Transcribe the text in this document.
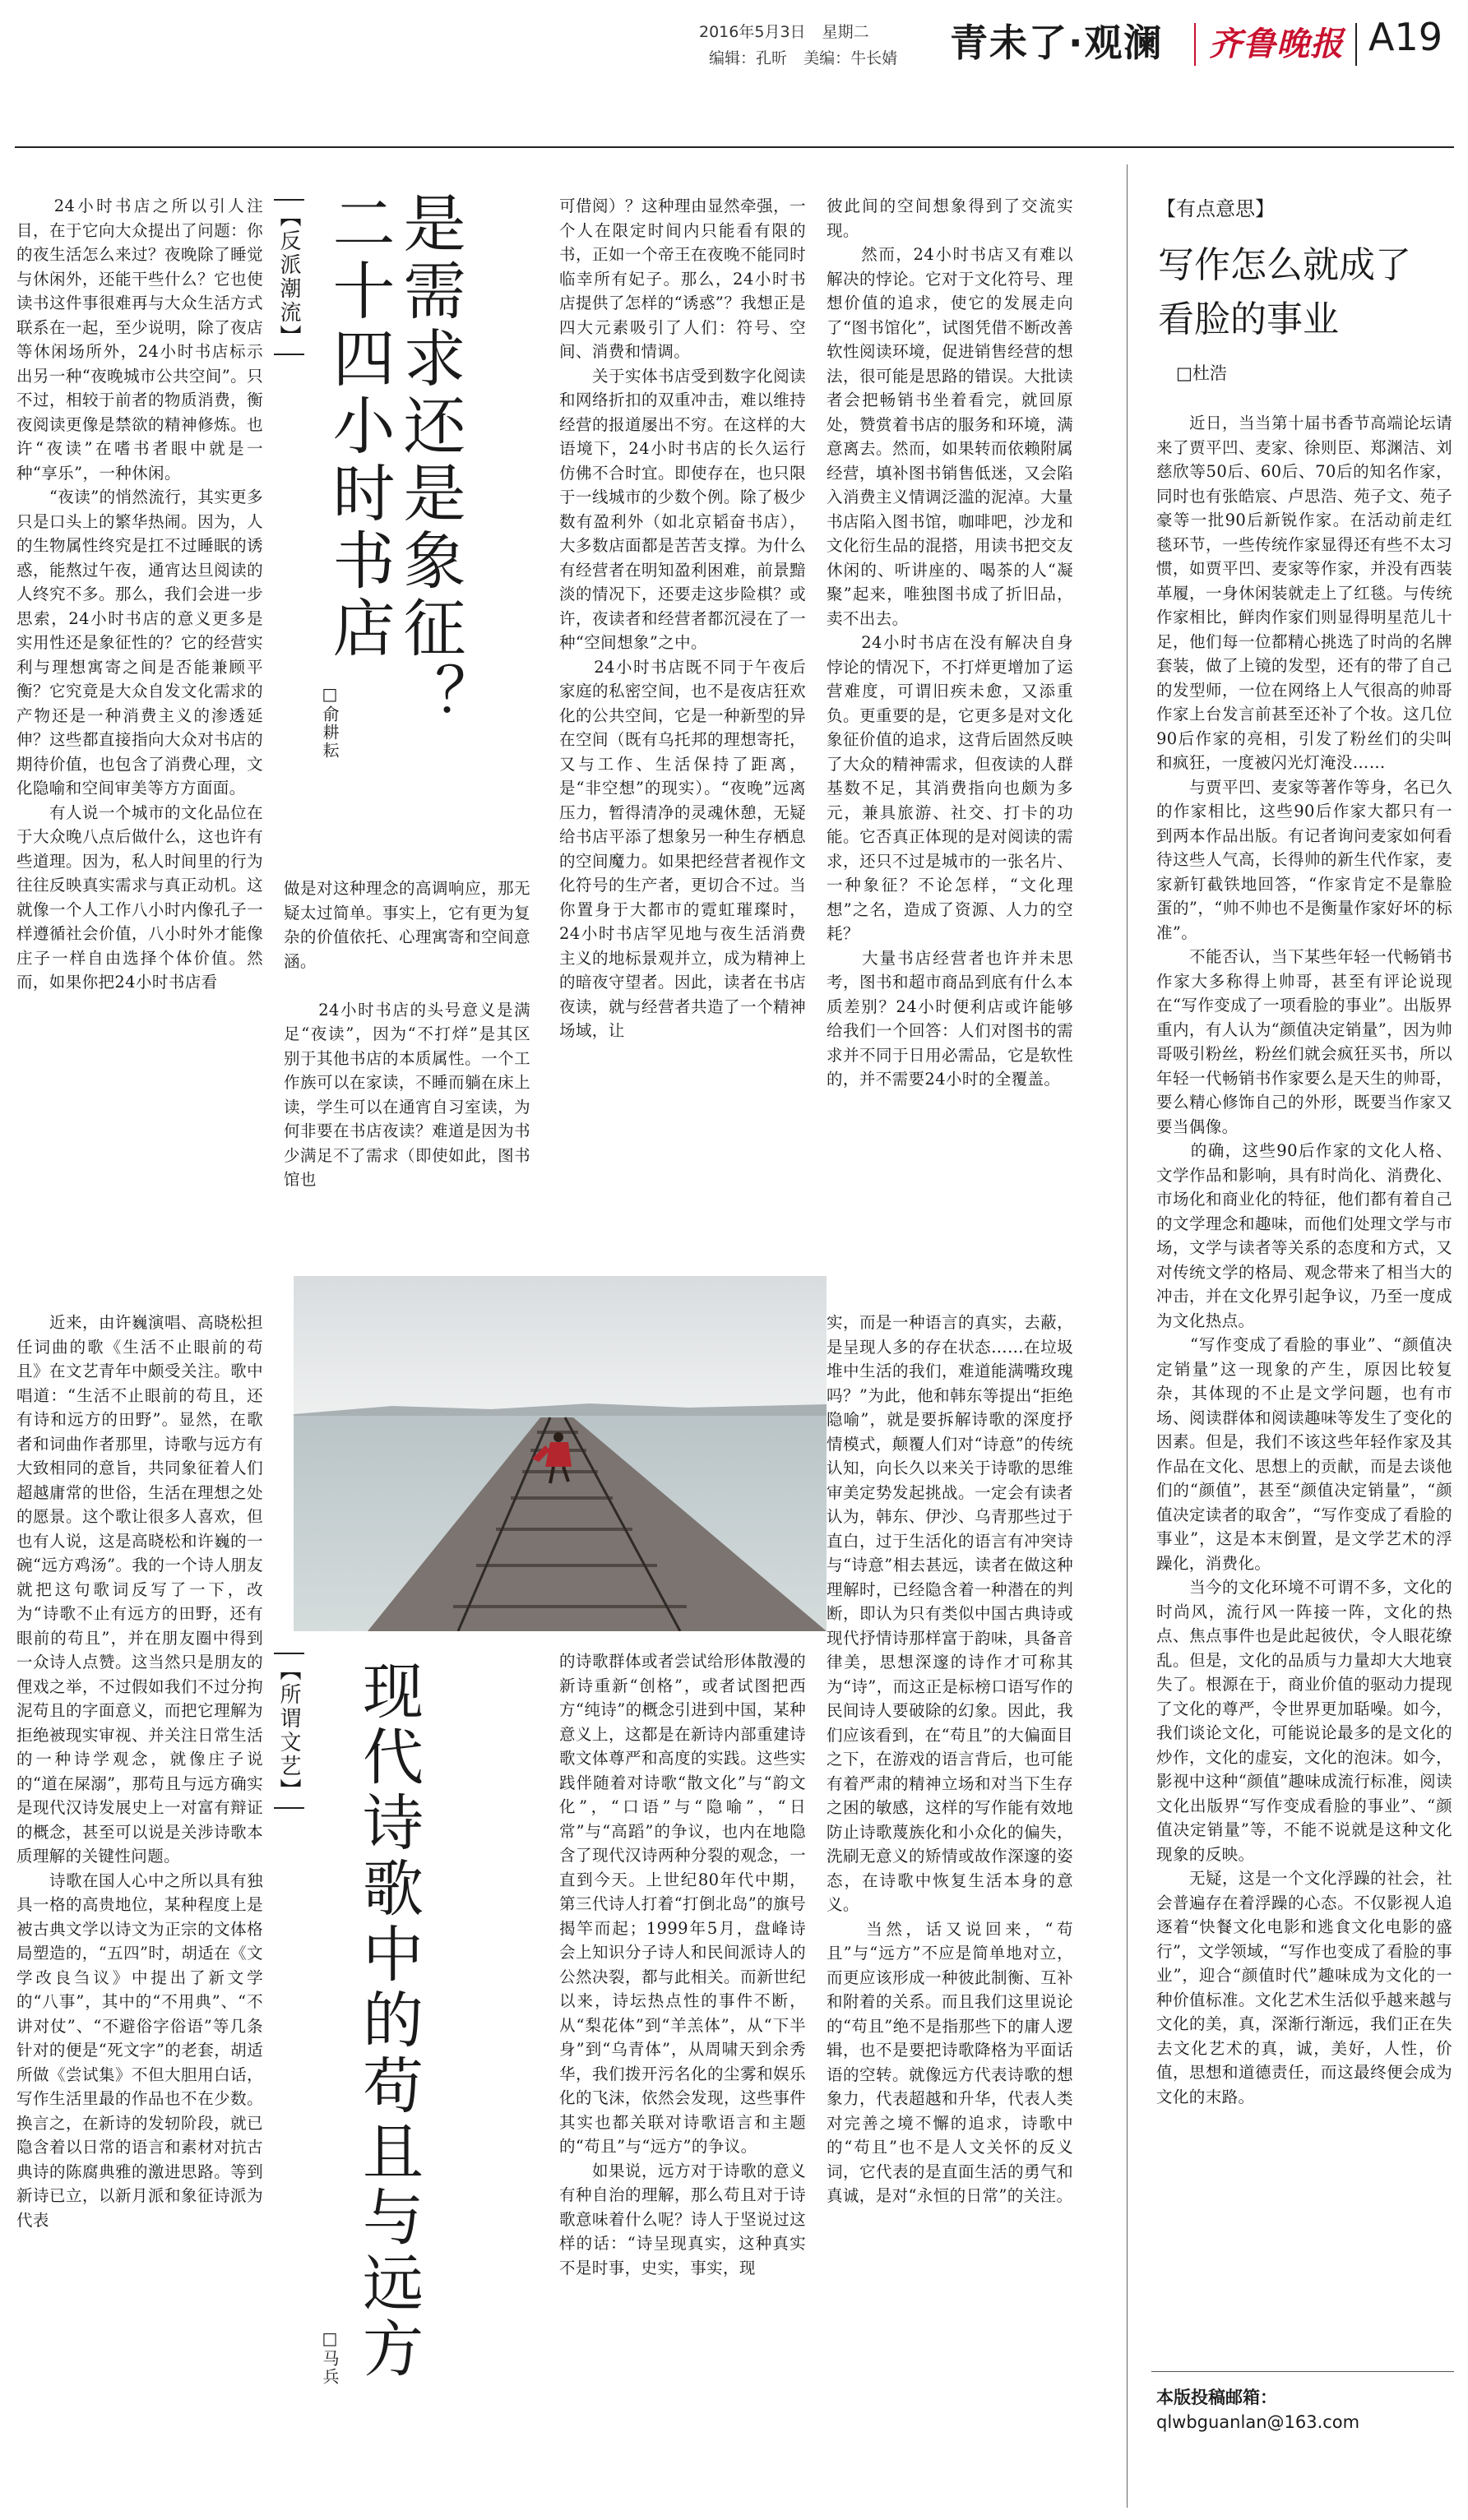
2016年5月3日 星期二
编辑：孔昕 美编：牛长婧 青未了·观澜 齐鲁晚报 A19
【反派潮流】 是需求还是象征？
二十四小时书店
□俞耕耘
　　24小时书店之所以引人注目，在于它向大众提出了问题：你的夜生活怎么来过？夜晚除了睡觉与休闲外，还能干些什么？它也使读书这件事很难再与大众生活方式联系在一起，至少说明，除了夜店等休闲场所外，24小时书店标示出另一种“夜晚城市公共空间”。只不过，相较于前者的物质消费，衡夜阅读更像是禁欲的精神修炼。也许“夜读”在嗜书者眼中就是一种“享乐”，一种休闲。
　　“夜读”的悄然流行，其实更多只是口头上的繁华热闹。因为，人的生物属性终究是扛不过睡眠的诱惑，能熬过午夜，通宵达旦阅读的人终究不多。那么，我们会进一步思索，24小时书店的意义更多是实用性还是象征性的？它的经营实利与理想寓寄之间是否能兼顾平衡？它究竟是大众自发文化需求的产物还是一种消费主义的渗透延伸？这些都直接指向大众对书店的期待价值，也包含了消费心理，文化隐喻和空间审美等方方面面。
　　有人说一个城市的文化品位在于大众晚八点后做什么，这也许有些道理。因为，私人时间里的行为往往反映真实需求与真正动机。这就像一个人工作八小时内像孔子一样遵循社会价值，八小时外才能像庄子一样自由选择个体价值。然而，如果你把24小时书店看
做是对这种理念的高调响应，那无疑太过简单。事实上，它有更为复杂的价值依托、心理寓寄和空间意涵。

　　24小时书店的头号意义是满足“夜读”，因为“不打烊”是其区别于其他书店的本质属性。一个工作族可以在家读，不睡而躺在床上读，学生可以在通宵自习室读，为何非要在书店夜读？难道是因为书少满足不了需求（即使如此，图书馆也
可借阅）？这种理由显然牵强，一个人在限定时间内只能看有限的书，正如一个帝王在夜晚不能同时临幸所有妃子。那么，24小时书店提供了怎样的“诱惑”？我想正是四大元素吸引了人们：符号、空间、消费和情调。
　　关于实体书店受到数字化阅读和网络折扣的双重冲击，难以维持经营的报道屡出不穷。在这样的大语境下，24小时书店的长久运行仿佛不合时宜。即使存在，也只限于一线城市的少数个例。除了极少数有盈利外（如北京韬奋书店），大多数店面都是苦苦支撑。为什么有经营者在明知盈利困难，前景黯淡的情况下，还要走这步险棋？或许，夜读者和经营者都沉浸在了一种“空间想象”之中。
　　24小时书店既不同于午夜后家庭的私密空间，也不是夜店狂欢化的公共空间，它是一种新型的异在空间（既有乌托邦的理想寄托，又与工作、生活保持了距离，是“非空想”的现实）。“夜晚”远离压力，暂得清净的灵魂休憩，无疑给书店平添了想象另一种生存栖息的空间魔力。如果把经营者视作文化符号的生产者，更切合不过。当你置身于大都市的霓虹璀璨时，24小时书店罕见地与夜生活消费主义的地标景观并立，成为精神上的暗夜守望者。因此，读者在书店夜读，就与经营者共造了一个精神场域，让
彼此间的空间想象得到了交流实现。
　　然而，24小时书店又有难以解决的悖论。它对于文化符号、理想价值的追求，使它的发展走向了“图书馆化”，试图凭借不断改善软性阅读环境，促进销售经营的想法，很可能是思路的错误。大批读者会把畅销书坐着看完，就回原处，赞赏着书店的服务和环境，满意离去。然而，如果转而依赖附属经营，填补图书销售低迷，又会陷入消费主义情调泛滥的泥淖。大量书店陷入图书馆，咖啡吧，沙龙和文化衍生品的混搭，用读书把交友休闲的、听讲座的、喝茶的人“凝聚”起来，唯独图书成了折旧品，卖不出去。
　　24小时书店在没有解决自身悖论的情况下，不打烊更增加了运营难度，可谓旧疾未愈，又添重负。更重要的是，它更多是对文化象征价值的追求，这背后固然反映了大众的精神需求，但夜读的人群基数不足，其消费指向也颇为多元，兼具旅游、社交、打卡的功能。它否真正体现的是对阅读的需求，还只不过是城市的一张名片、一种象征？不论怎样，“文化理想”之名，造成了资源、人力的空耗？
　　大量书店经营者也许并未思考，图书和超市商品到底有什么本质差别？24小时便利店或许能够给我们一个回答：人们对图书的需求并不同于日用必需品，它是软性的，并不需要24小时的全覆盖。
【有点意思】
写作怎么就成了
看脸的事业
□杜浩
　　近日，当当第十届书香节高端论坛请来了贾平凹、麦家、徐则臣、郑渊洁、刘慈欣等50后、60后、70后的知名作家，同时也有张皓宸、卢思浩、苑子文、苑子豪等一批90后新锐作家。在活动前走红毯环节，一些传统作家显得还有些不太习惯，如贾平凹、麦家等作家，并没有西装革履，一身休闲装就走上了红毯。与传统作家相比，鲜肉作家们则显得明星范儿十足，他们每一位都精心挑选了时尚的名牌套装，做了上镜的发型，还有的带了自己的发型师，一位在网络上人气很高的帅哥作家上台发言前甚至还补了个妆。这几位90后作家的亮相，引发了粉丝们的尖叫和疯狂，一度被闪光灯淹没……
　　与贾平凹、麦家等著作等身，名已久的作家相比，这些90后作家大都只有一到两本作品出版。有记者询问麦家如何看待这些人气高，长得帅的新生代作家，麦家新钉截铁地回答，“作家肯定不是靠脸蛋的”，“帅不帅也不是衡量作家好坏的标准”。
　　不能否认，当下某些年轻一代畅销书作家大多称得上帅哥，甚至有评论说现在“写作变成了一项看脸的事业”。出版界重内，有人认为“颜值决定销量”，因为帅哥吸引粉丝，粉丝们就会疯狂买书，所以年轻一代畅销书作家要么是天生的帅哥，要么精心修饰自己的外形，既要当作家又要当偶像。
　　的确，这些90后作家的文化人格、文学作品和影响，具有时尚化、消费化、市场化和商业化的特征，他们都有着自己的文学理念和趣味，而他们处理文学与市场，文学与读者等关系的态度和方式，又对传统文学的格局、观念带来了相当大的冲击，并在文化界引起争议，乃至一度成为文化热点。
　　“写作变成了看脸的事业”、“颜值决定销量”这一现象的产生，原因比较复杂，其体现的不止是文学问题，也有市场、阅读群体和阅读趣味等发生了变化的因素。但是，我们不该这些年轻作家及其作品在文化、思想上的贡献，而是去谈他们的“颜值”，甚至“颜值决定销量”，“颜值决定读者的取舍”，“写作变成了看脸的事业”，这是本末倒置，是文学艺术的浮躁化，消费化。
　　当今的文化环境不可谓不多，文化的时尚风，流行风一阵接一阵，文化的热点、焦点事件也是此起彼伏，令人眼花缭乱。但是，文化的品质与力量却大大地衰失了。根源在于，商业价值的驱动力提现了文化的尊严，令世界更加聒噪。如今，我们谈论文化，可能说论最多的是文化的炒作，文化的虚妄，文化的泡沫。如今，影视中这种“颜值”趣味成流行标准，阅读文化出版界“写作变成看脸的事业”、“颜值决定销量”等，不能不说就是这种文化现象的反映。
　　无疑，这是一个文化浮躁的社会，社会普遍存在着浮躁的心态。不仅影视人追逐着“快餐文化电影和逃食文化电影的盛行”，文学领域，“写作也变成了看脸的事业”，迎合“颜值时代”趣味成为文化的一种价值标准。文化艺术生活似乎越来越与文化的美，真，深渐行渐远，我们正在失去文化艺术的真，诚，美好，人性，价值，思想和道德责任，而这最终便会成为文化的末路。
本版投稿邮箱：
qlwbguanlan@163.com
【所谓文艺】 现代诗歌中的苟且与远方
□马兵
　　近来，由许巍演唱、高晓松担任词曲的歌《生活不止眼前的苟且》在文艺青年中颇受关注。歌中唱道：“生活不止眼前的苟且，还有诗和远方的田野”。显然，在歌者和词曲作者那里，诗歌与远方有大致相同的意旨，共同象征着人们超越庸常的世俗，生活在理想之处的愿景。这个歌让很多人喜欢，但也有人说，这是高晓松和许巍的一碗“远方鸡汤”。我的一个诗人朋友就把这句歌词反写了一下，改为“诗歌不止有远方的田野，还有眼前的苟且”，并在朋友圈中得到一众诗人点赞。这当然只是朋友的俚戏之举，不过假如我们不过分拘泥苟且的字面意义，而把它理解为拒绝被现实审视、并关注日常生活的一种诗学观念，就像庄子说的“道在屎溺”，那苟且与远方确实是现代汉诗发展史上一对富有辩证的概念，甚至可以说是关涉诗歌本质理解的关键性问题。
　　诗歌在国人心中之所以具有独具一格的高贵地位，某种程度上是被古典文学以诗文为正宗的文体格局塑造的，“五四”时，胡适在《文学改良刍议》中提出了新文学的“八事”，其中的“不用典”、“不讲对仗”、“不避俗字俗语”等几条针对的便是“死文字”的老套，胡适所做《尝试集》不但大胆用白话，写作生活里最的作品也不在少数。换言之，在新诗的发轫阶段，就已隐含着以日常的语言和素材对抗古典诗的陈腐典雅的激进思路。等到新诗已立，以新月派和象征诗派为代表
的诗歌群体或者尝试给形体散漫的新诗重新“创格”，或者试图把西方“纯诗”的概念引进到中国，某种意义上，这都是在新诗内部重建诗歌文体尊严和高度的实践。这些实践伴随着对诗歌“散文化”与“韵文化”，“口语”与“隐喻”，“日常”与“高蹈”的争议，也内在地隐含了现代汉诗两种分裂的观念，一直到今天。上世纪80年代中期，第三代诗人打着“打倒北岛”的旗号揭竿而起；1999年5月，盘峰诗会上知识分子诗人和民间派诗人的公然决裂，都与此相关。而新世纪以来，诗坛热点性的事件不断，从“梨花体”到“羊羔体”，从“下半身”到“乌青体”，从周啸天到余秀华，我们拨开污名化的尘雾和娱乐化的飞沫，依然会发现，这些事件其实也都关联对诗歌语言和主题的“苟且”与“远方”的争议。
　　如果说，远方对于诗歌的意义有种自治的理解，那么苟且对于诗歌意味着什么呢？诗人于坚说过这样的话：“诗呈现真实，这种真实不是时事，史实，事实，现
实，而是一种语言的真实，去蔽，是呈现人多的存在状态……在垃圾堆中生活的我们，难道能满嘴玫瑰吗？”为此，他和韩东等提出“拒绝隐喻”，就是要拆解诗歌的深度抒情模式，颠覆人们对“诗意”的传统认知，向长久以来关于诗歌的思维审美定势发起挑战。一定会有读者认为，韩东、伊沙、乌青那些过于直白，过于生活化的语言有冲突诗与“诗意”相去甚远，读者在做这种理解时，已经隐含着一种潜在的判断，即认为只有类似中国古典诗或现代抒情诗那样富于韵味，具备音律美，思想深邃的诗作才可称其为“诗”，而这正是标榜口语写作的民间诗人要破除的幻象。因此，我们应该看到，在“苟且”的大偏面目之下，在游戏的语言背后，也可能有着严肃的精神立场和对当下生存之困的敏感，这样的写作能有效地防止诗歌蔑族化和小众化的偏失，洗刷无意义的矫情或故作深邃的姿态，在诗歌中恢复生活本身的意义。
　　当然，话又说回来，“苟且”与“远方”不应是简单地对立，而更应该形成一种彼此制衡、互补和附着的关系。而且我们这里说论的“苟且”绝不是指那些下的庸人逻辑，也不是要把诗歌降格为平面话语的空转。就像远方代表诗歌的想象力，代表超越和升华，代表人类对完善之境不懈的追求，诗歌中的“苟且”也不是人文关怀的反义词，它代表的是直面生活的勇气和真诚，是对“永恒的日常”的关注。
